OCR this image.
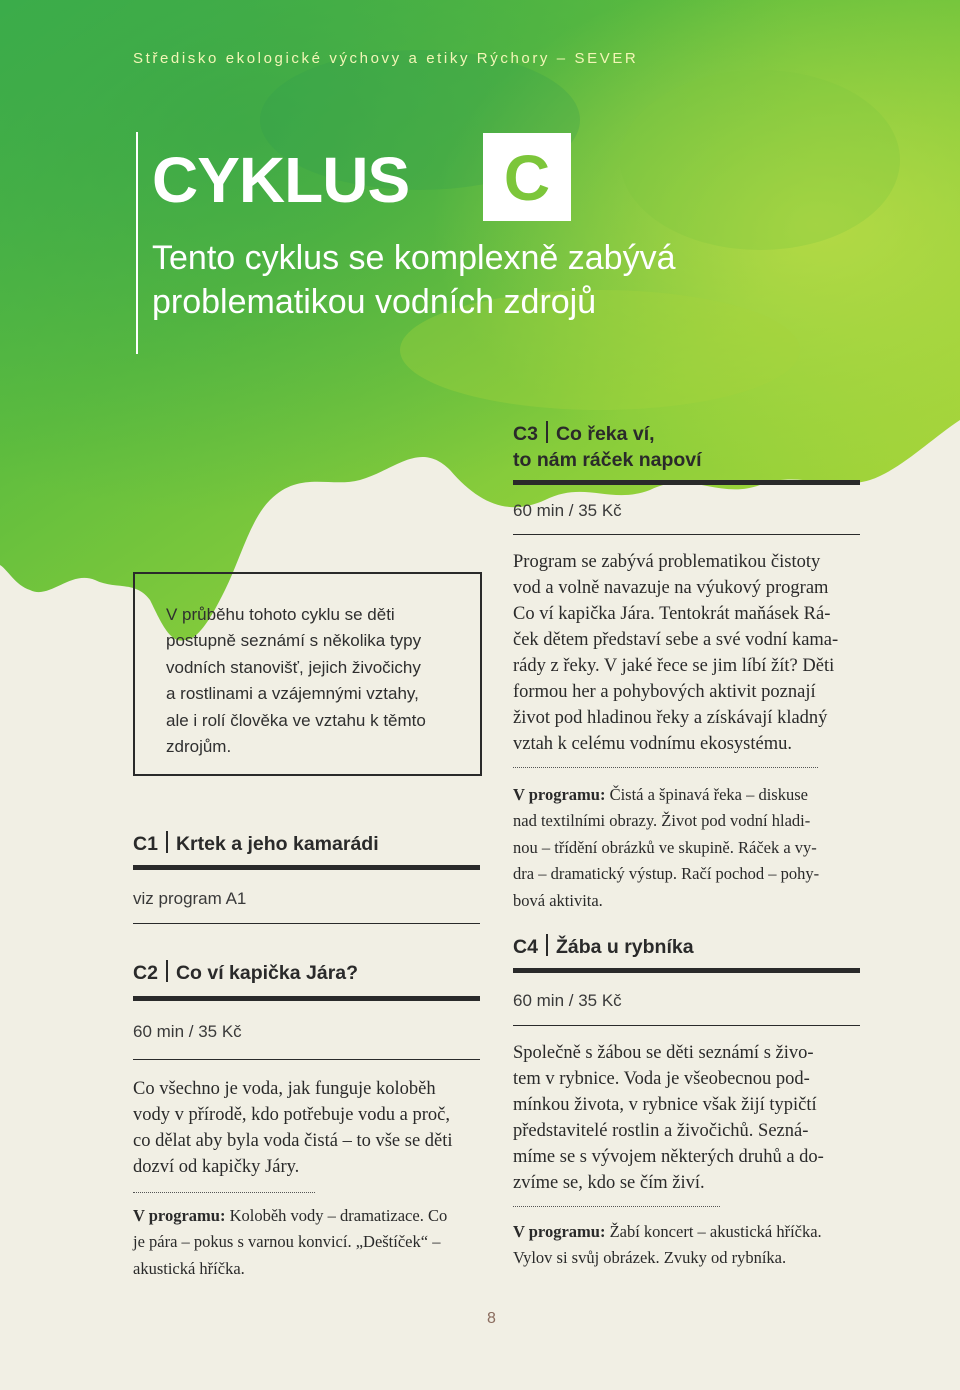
Středisko ekologické výchovy a etiky Rýchory – SEVER
CYKLUS	C
Tento cyklus se komplexně zabývá
problematikou vodních zdrojů
V průběhu tohoto cyklu se děti
postupně seznámí s několika typy
vodních stanovišť, jejich živočichy
a rostlinami a vzájemnými vztahy,
ale i rolí člověka ve vztahu k těmto
zdrojům.
C1 Krtek a jeho kamarádi
viz program A1
C2 Co ví kapička Jára?
60 min / 35 Kč
Co všechno je voda, jak funguje koloběh
vody v přírodě, kdo potřebuje vodu a proč,
co dělat aby byla voda čistá – to vše se děti
dozví od kapičky Járy.
V programu: Koloběh vody – dramatizace. Co
je pára – pokus s varnou konvicí. „Deštíček“ –
akustická hříčka.
C3 Co řeka ví,
to nám ráček napoví
60 min / 35 Kč
Program se zabývá problematikou čistoty
vod a volně navazuje na výukový program
Co ví kapička Jára. Tentokrát maňásek Rá-
ček dětem představí sebe a své vodní kama-
rády z řeky. V jaké řece se jim líbí žít? Děti
formou her a pohybových aktivit poznají
život pod hladinou řeky a získávají kladný
vztah k celému vodnímu ekosystému.
V programu: Čistá a špinavá řeka – diskuse
nad textilními obrazy. Život pod vodní hladi-
nou – třídění obrázků ve skupině. Ráček a vy-
dra – dramatický výstup. Račí pochod – pohy-
bová aktivita.
C4 Žába u rybníka
60 min / 35 Kč
Společně s žábou se děti seznámí s živo-
tem v rybnice. Voda je všeobecnou pod-
mínkou života, v rybnice však žijí typičtí
představitelé rostlin a živočichů. Sezná-
míme se s vývojem některých druhů a do-
zvíme se, kdo se čím živí.
V programu: Žabí koncert – akustická hříčka.
Vylov si svůj obrázek. Zvuky od rybníka.
8
